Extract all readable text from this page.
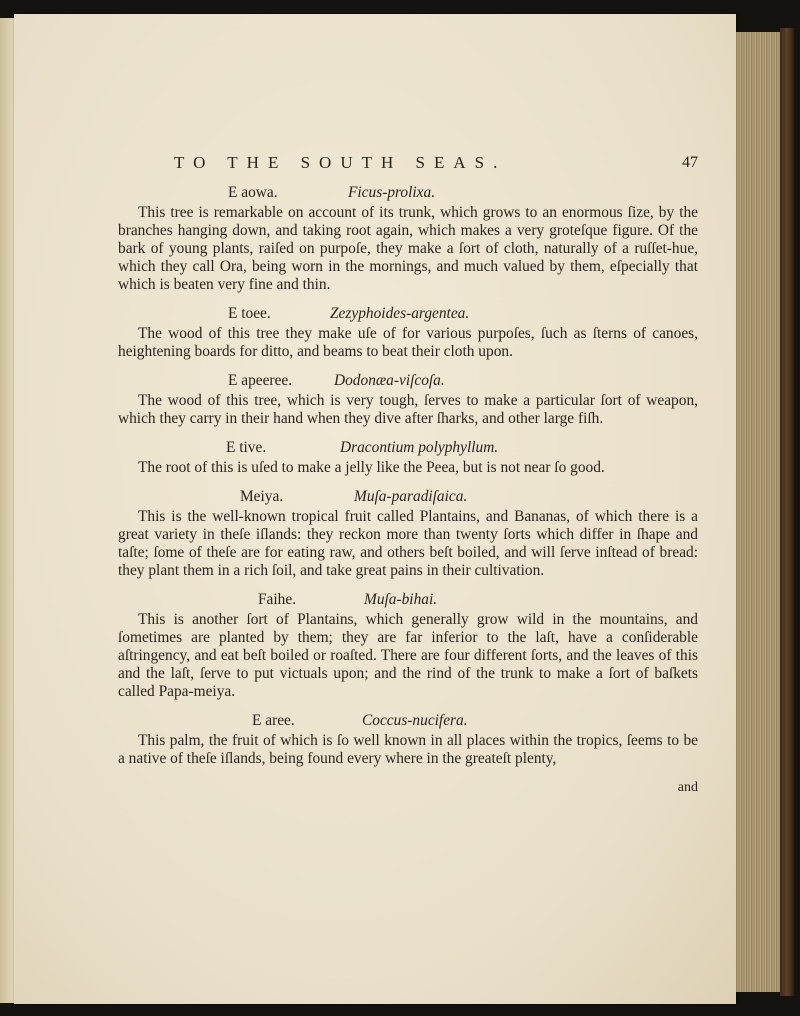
TO THE SOUTH SEAS.	47
E aowa.	Ficus-prolixa.

This tree is remarkable on account of its trunk, which grows to an enormous ſize, by the branches hanging down, and taking root again, which makes a very groteſque figure. Of the bark of young plants, raiſed on purpoſe, they make a ſort of cloth, naturally of a ruſſet-hue, which they call Ora, being worn in the mornings, and much valued by them, eſpecially that which is beaten very fine and thin.

E toee.	Zezyphoides-argentea.

The wood of this tree they make uſe of for various purpoſes, ſuch as ſterns of canoes, heightening boards for ditto, and beams to beat their cloth upon.

E apeeree.	Dodonæa-viſcoſa.

The wood of this tree, which is very tough, ſerves to make a particular ſort of weapon, which they carry in their hand when they dive after ſharks, and other large fiſh.

E tive.	Dracontium polyphyllum.

The root of this is uſed to make a jelly like the Peea, but is not near ſo good.

Meiya.	Muſa-paradiſaica.

This is the well-known tropical fruit called Plantains, and Bananas, of which there is a great variety in theſe iſlands: they reckon more than twenty ſorts which differ in ſhape and taſte; ſome of theſe are for eating raw, and others beſt boiled, and will ſerve inſtead of bread: they plant them in a rich ſoil, and take great pains in their cultivation.

Faihe.	Muſa-bihai.

This is another ſort of Plantains, which generally grow wild in the mountains, and ſometimes are planted by them; they are far inferior to the laſt, have a conſiderable aſtringency, and eat beſt boiled or roaſted. There are four different ſorts, and the leaves of this and the laſt, ſerve to put victuals upon; and the rind of the trunk to make a ſort of baſkets called Papa-meiya.

E aree.	Coccus-nucifera.

This palm, the fruit of which is ſo well known in all places within the tropics, ſeems to be a native of theſe iſlands, being found every where in the greateſt plenty,

and
